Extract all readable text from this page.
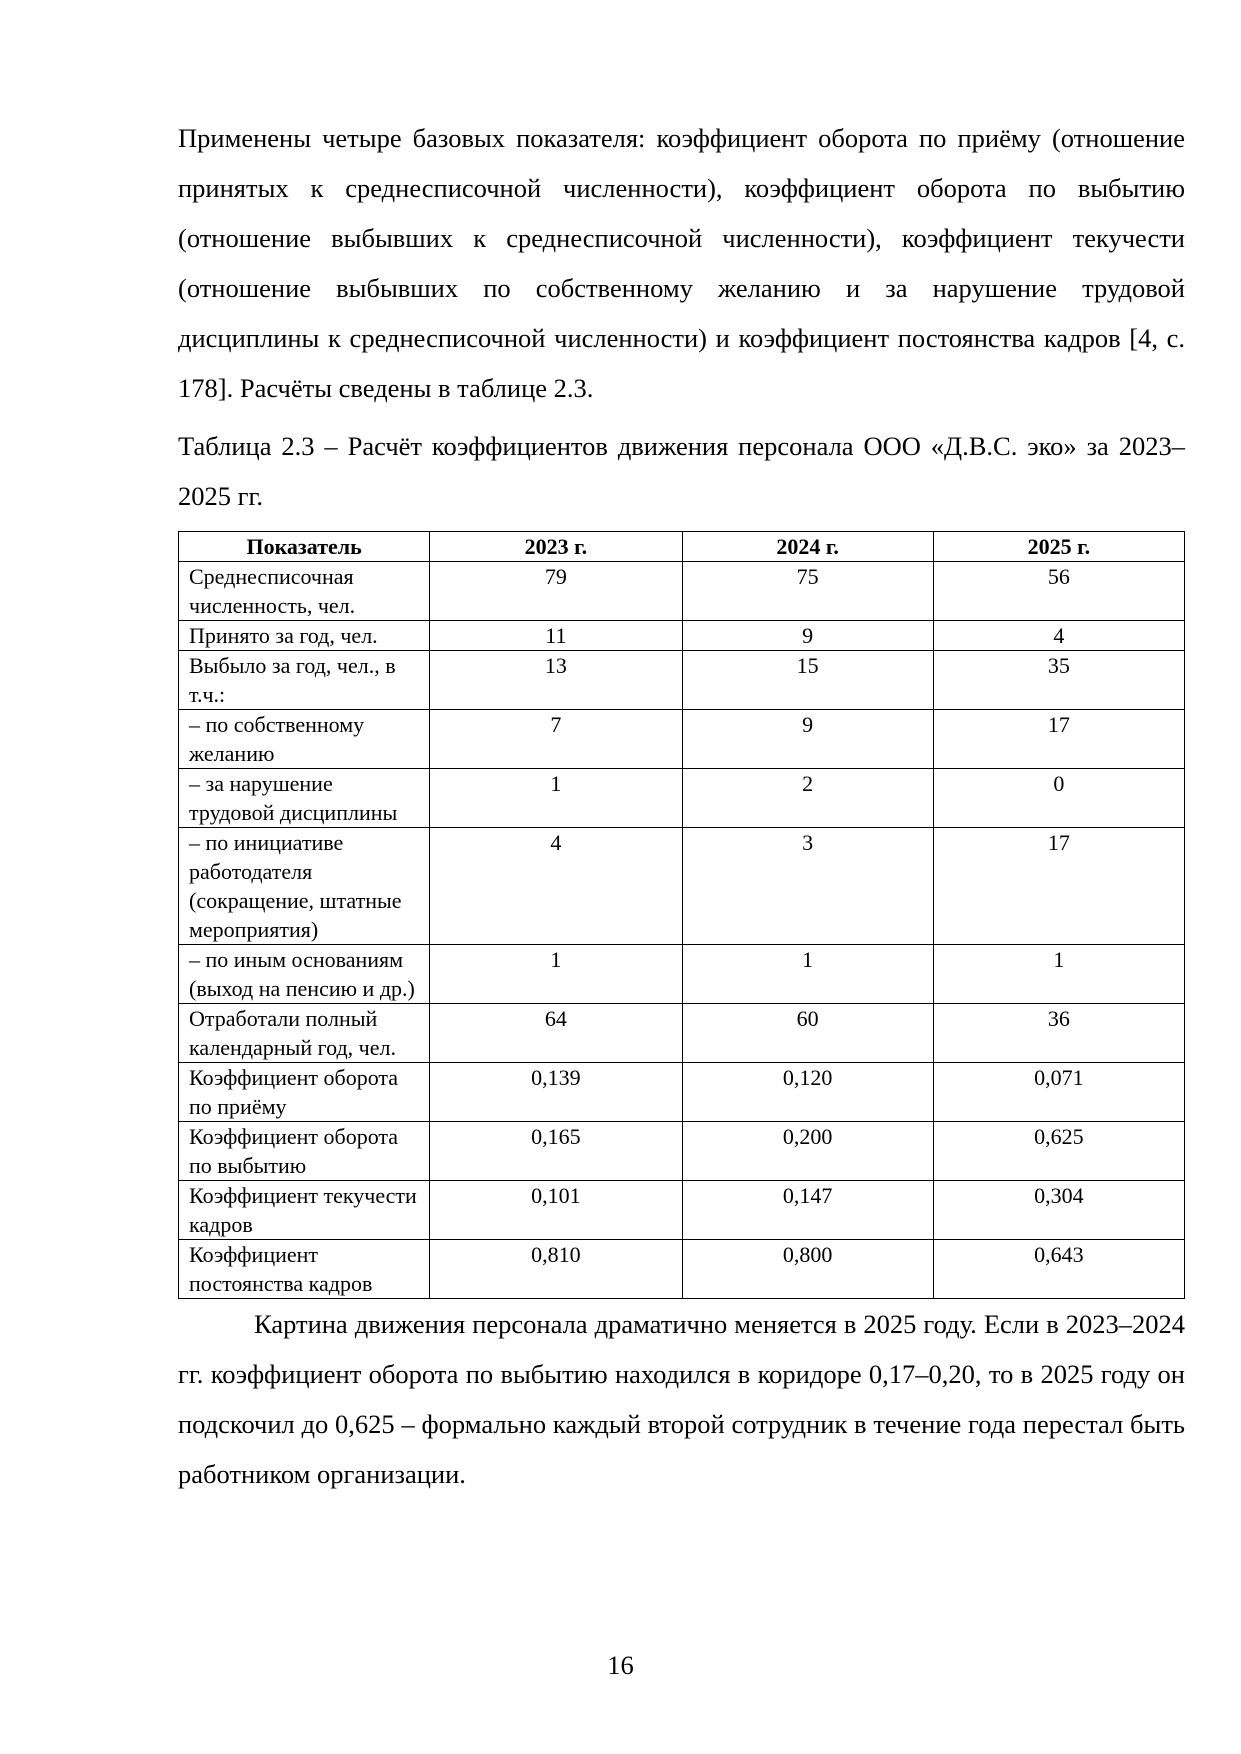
Применены четыре базовых показателя: коэффициент оборота по приёму (отношение принятых к среднесписочной численности), коэффициент оборота по выбытию (отношение выбывших к среднесписочной численности), коэффициент текучести (отношение выбывших по собственному желанию и за нарушение трудовой дисциплины к среднесписочной численности) и коэффициент постоянства кадров [4, с. 178]. Расчёты сведены в таблице 2.3.

Таблица 2.3 – Расчёт коэффициентов движения персонала ООО «Д.В.С. эко» за 2023–2025 гг.

Показатель	2023 г.	2024 г.	2025 г.
Среднесписочная численность, чел.	79	75	56
Принято за год, чел.	11	9	4
Выбыло за год, чел., в т.ч.:	13	15	35
– по собственному желанию	7	9	17
– за нарушение трудовой дисциплины	1	2	0
– по инициативе работодателя (сокращение, штатные мероприятия)	4	3	17
– по иным основаниям (выход на пенсию и др.)	1	1	1
Отработали полный календарный год, чел.	64	60	36
Коэффициент оборота по приёму	0,139	0,120	0,071
Коэффициент оборота по выбытию	0,165	0,200	0,625
Коэффициент текучести кадров	0,101	0,147	0,304
Коэффициент постоянства кадров	0,810	0,800	0,643

Картина движения персонала драматично меняется в 2025 году. Если в 2023–2024 гг. коэффициент оборота по выбытию находился в коридоре 0,17–0,20, то в 2025 году он подскочил до 0,625 – формально каждый второй сотрудник в течение года перестал быть работником организации.

16
